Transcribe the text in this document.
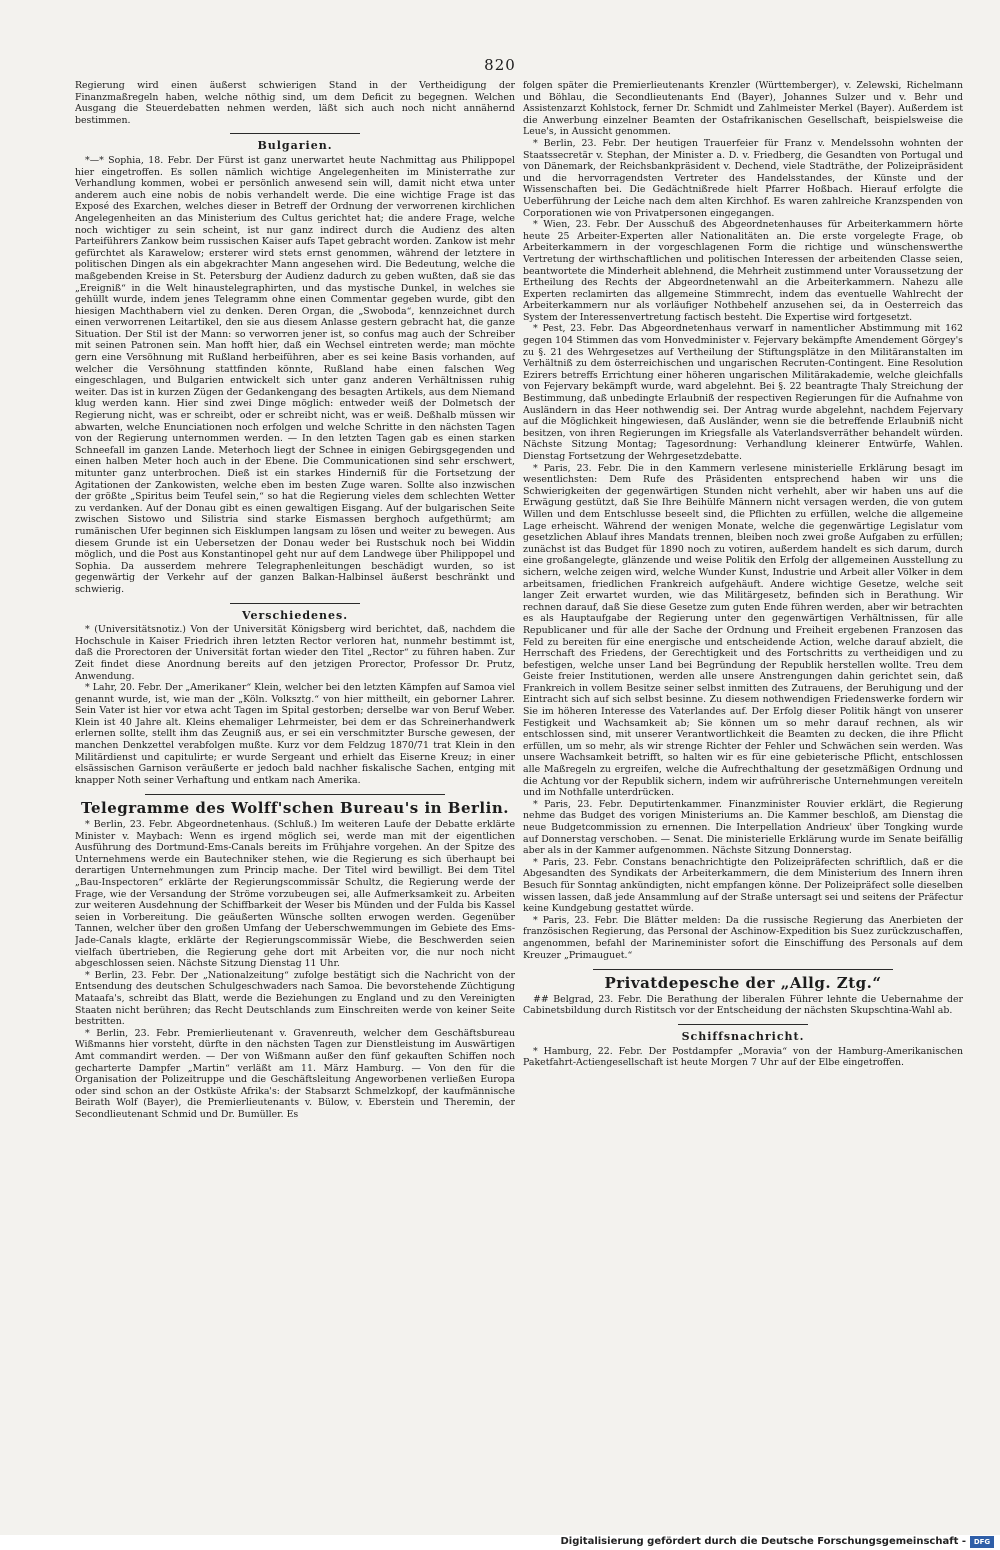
820

Regierung wird einen äußerst schwierigen Stand in der Vertheidigung der Finanzmaßregeln haben, welche nöthig sind, um dem Deficit zu begegnen. Welchen Ausgang die Steuerdebatten nehmen werden, läßt sich auch noch nicht annähernd bestimmen.

Bulgarien.

*—* Sophia, 18. Febr. Der Fürst ist ganz unerwartet heute Nachmittag aus Philippopel hier eingetroffen. Es sollen nämlich wichtige Angelegenheiten im Ministerrathe zur Verhandlung kommen, wobei er persönlich anwesend sein will, damit nicht etwa unter anderem auch eine nobis de nobis verhandelt werde. Die eine wichtige Frage ist das Exposé des Exarchen, welches dieser in Betreff der Ordnung der verworrenen kirchlichen Angelegenheiten an das Ministerium des Cultus gerichtet hat; die andere Frage, welche noch wichtiger zu sein scheint, ist nur ganz indirect durch die Audienz des alten Parteiführers Zankow beim russischen Kaiser aufs Tapet gebracht worden. Zankow ist mehr gefürchtet als Karawelow; ersterer wird stets ernst genommen, während der letztere in politischen Dingen als ein abgekrachter Mann angesehen wird. Die Bedeutung, welche die maßgebenden Kreise in St. Petersburg der Audienz dadurch zu geben wußten, daß sie das „Ereigniß“ in die Welt hinaustelegraphirten, und das mystische Dunkel, in welches sie gehüllt wurde, indem jenes Telegramm ohne einen Commentar gegeben wurde, gibt den hiesigen Machthabern viel zu denken. Deren Organ, die „Swoboda“, kennzeichnet durch einen verworrenen Leitartikel, den sie aus diesem Anlasse gestern gebracht hat, die ganze Situation. Der Stil ist der Mann: so verworren jener ist, so confus mag auch der Schreiber mit seinen Patronen sein. Man hofft hier, daß ein Wechsel eintreten werde; man möchte gern eine Versöhnung mit Rußland herbeiführen, aber es sei keine Basis vorhanden, auf welcher die Versöhnung stattfinden könnte, Rußland habe einen falschen Weg eingeschlagen, und Bulgarien entwickelt sich unter ganz anderen Verhältnissen ruhig weiter. Das ist in kurzen Zügen der Gedankengang des besagten Artikels, aus dem Niemand klug werden kann. Hier sind zwei Dinge möglich: entweder weiß der Dolmetsch der Regierung nicht, was er schreibt, oder er schreibt nicht, was er weiß. Deßhalb müssen wir abwarten, welche Enunciationen noch erfolgen und welche Schritte in den nächsten Tagen von der Regierung unternommen werden. — In den letzten Tagen gab es einen starken Schneefall im ganzen Lande. Meterhoch liegt der Schnee in einigen Gebirgsgegenden und einen halben Meter hoch auch in der Ebene. Die Communicationen sind sehr erschwert, mitunter ganz unterbrochen. Dieß ist ein starkes Hinderniß für die Fortsetzung der Agitationen der Zankowisten, welche eben im besten Zuge waren. Sollte also inzwischen der größte „Spiritus beim Teufel sein,“ so hat die Regierung vieles dem schlechten Wetter zu verdanken. Auf der Donau gibt es einen gewaltigen Eisgang. Auf der bulgarischen Seite zwischen Sistowo und Silistria sind starke Eismassen berghoch aufgethürmt; am rumänischen Ufer beginnen sich Eisklumpen langsam zu lösen und weiter zu bewegen. Aus diesem Grunde ist ein Uebersetzen der Donau weder bei Rustschuk noch bei Widdin möglich, und die Post aus Konstantinopel geht nur auf dem Landwege über Philippopel und Sophia. Da ausserdem mehrere Telegraphenleitungen beschädigt wurden, so ist gegenwärtig der Verkehr auf der ganzen Balkan-Halbinsel äußerst beschränkt und schwierig.

Verschiedenes.

* (Universitätsnotiz.) Von der Universität Königsberg wird berichtet, daß, nachdem die Hochschule in Kaiser Friedrich ihren letzten Rector verloren hat, nunmehr bestimmt ist, daß die Prorectoren der Universität fortan wieder den Titel „Rector“ zu führen haben. Zur Zeit findet diese Anordnung bereits auf den jetzigen Prorector, Professor Dr. Prutz, Anwendung.

* Lahr, 20. Febr. Der „Amerikaner“ Klein, welcher bei den letzten Kämpfen auf Samoa viel genannt wurde, ist, wie man der „Köln. Volksztg.“ von hier mittheilt, ein geborner Lahrer. Sein Vater ist hier vor etwa acht Tagen im Spital gestorben; derselbe war von Beruf Weber. Klein ist 40 Jahre alt. Kleins ehemaliger Lehrmeister, bei dem er das Schreinerhandwerk erlernen sollte, stellt ihm das Zeugniß aus, er sei ein verschmitzter Bursche gewesen, der manchen Denkzettel verabfolgen mußte. Kurz vor dem Feldzug 1870/71 trat Klein in den Militärdienst und capitulirte; er wurde Sergeant und erhielt das Eiserne Kreuz; in einer elsässischen Garnison veräußerte er jedoch bald nachher fiskalische Sachen, entging mit knapper Noth seiner Verhaftung und entkam nach Amerika.

Telegramme des Wolff'schen Bureau's in Berlin.

* Berlin, 23. Febr. Abgeordnetenhaus. (Schluß.) Im weiteren Laufe der Debatte erklärte Minister v. Maybach: Wenn es irgend möglich sei, werde man mit der eigentlichen Ausführung des Dortmund-Ems-Canals bereits im Frühjahre vorgehen. An der Spitze des Unternehmens werde ein Bautechniker stehen, wie die Regierung es sich überhaupt bei derartigen Unternehmungen zum Princip mache. Der Titel wird bewilligt. Bei dem Titel „Bau-Inspectoren“ erklärte der Regierungscommissär Schultz, die Regierung werde der Frage, wie der Versandung der Ströme vorzubeugen sei, alle Aufmerksamkeit zu. Arbeiten zur weiteren Ausdehnung der Schiffbarkeit der Weser bis Münden und der Fulda bis Kassel seien in Vorbereitung. Die geäußerten Wünsche sollten erwogen werden. Gegenüber Tannen, welcher über den großen Umfang der Ueberschwemmungen im Gebiete des Ems-Jade-Canals klagte, erklärte der Regierungscommissär Wiebe, die Beschwerden seien vielfach übertrieben, die Regierung gehe dort mit Arbeiten vor, die nur noch nicht abgeschlossen seien. Nächste Sitzung Dienstag 11 Uhr.

* Berlin, 23. Febr. Der „Nationalzeitung“ zufolge bestätigt sich die Nachricht von der Entsendung des deutschen Schulgeschwaders nach Samoa. Die bevorstehende Züchtigung Mataafa's, schreibt das Blatt, werde die Beziehungen zu England und zu den Vereinigten Staaten nicht berühren; das Recht Deutschlands zum Einschreiten werde von keiner Seite bestritten.

* Berlin, 23. Febr. Premierlieutenant v. Gravenreuth, welcher dem Geschäftsbureau Wißmanns hier vorsteht, dürfte in den nächsten Tagen zur Dienstleistung im Auswärtigen Amt commandirt werden. — Der von Wißmann außer den fünf gekauften Schiffen noch gecharterte Dampfer „Martin“ verläßt am 11. März Hamburg. — Von den für die Organisation der Polizeitruppe und die Geschäftsleitung Angeworbenen verließen Europa oder sind schon an der Ostküste Afrika's: der Stabsarzt Schmelzkopf, der kaufmännische Beirath Wolf (Bayer), die Premierlieutenants v. Bülow, v. Eberstein und Theremin, der Secondlieutenant Schmid und Dr. Bumüller. Es

folgen später die Premierlieutenants Krenzler (Württemberger), v. Zelewski, Richelmann und Böhlau, die Secondlieutenants End (Bayer), Johannes Sulzer und v. Behr und Assistenzarzt Kohlstock, ferner Dr. Schmidt und Zahlmeister Merkel (Bayer). Außerdem ist die Anwerbung einzelner Beamten der Ostafrikanischen Gesellschaft, beispielsweise die Leue's, in Aussicht genommen.

* Berlin, 23. Febr. Der heutigen Trauerfeier für Franz v. Mendelssohn wohnten der Staatssecretär v. Stephan, der Minister a. D. v. Friedberg, die Gesandten von Portugal und von Dänemark, der Reichsbankpräsident v. Dechend, viele Stadträthe, der Polizeipräsident und die hervorragendsten Vertreter des Handelsstandes, der Künste und der Wissenschaften bei. Die Gedächtnißrede hielt Pfarrer Hoßbach. Hierauf erfolgte die Ueberführung der Leiche nach dem alten Kirchhof. Es waren zahlreiche Kranzspenden von Corporationen wie von Privatpersonen eingegangen.

* Wien, 23. Febr. Der Ausschuß des Abgeordnetenhauses für Arbeiterkammern hörte heute 25 Arbeiter-Experten aller Nationalitäten an. Die erste vorgelegte Frage, ob Arbeiterkammern in der vorgeschlagenen Form die richtige und wünschenswerthe Vertretung der wirthschaftlichen und politischen Interessen der arbeitenden Classe seien, beantwortete die Minderheit ablehnend, die Mehrheit zustimmend unter Voraussetzung der Ertheilung des Rechts der Abgeordnetenwahl an die Arbeiterkammern. Nahezu alle Experten reclamirten das allgemeine Stimmrecht, indem das eventuelle Wahlrecht der Arbeiterkammern nur als vorläufiger Nothbehelf anzusehen sei, da in Oesterreich das System der Interessenvertretung factisch besteht. Die Expertise wird fortgesetzt.

* Pest, 23. Febr. Das Abgeordnetenhaus verwarf in namentlicher Abstimmung mit 162 gegen 104 Stimmen das vom Honvedminister v. Fejervary bekämpfte Amendement Görgey's zu §. 21 des Wehrgesetzes auf Vertheilung der Stiftungsplätze in den Militäranstalten im Verhältniß zu dem österreichischen und ungarischen Recruten-Contingent. Eine Resolution Ezirers betreffs Errichtung einer höheren ungarischen Militärakademie, welche gleichfalls von Fejervary bekämpft wurde, ward abgelehnt. Bei §. 22 beantragte Thaly Streichung der Bestimmung, daß unbedingte Erlaubniß der respectiven Regierungen für die Aufnahme von Ausländern in das Heer nothwendig sei. Der Antrag wurde abgelehnt, nachdem Fejervary auf die Möglichkeit hingewiesen, daß Ausländer, wenn sie die betreffende Erlaubniß nicht besitzen, von ihren Regierungen im Kriegsfalle als Vaterlandsverräther behandelt würden. Nächste Sitzung Montag; Tagesordnung: Verhandlung kleinerer Entwürfe, Wahlen. Dienstag Fortsetzung der Wehrgesetzdebatte.

* Paris, 23. Febr. Die in den Kammern verlesene ministerielle Erklärung besagt im wesentlichsten: Dem Rufe des Präsidenten entsprechend haben wir uns die Schwierigkeiten der gegenwärtigen Stunden nicht verhehlt, aber wir haben uns auf die Erwägung gestützt, daß Sie Ihre Beihülfe Männern nicht versagen werden, die von gutem Willen und dem Entschlusse beseelt sind, die Pflichten zu erfüllen, welche die allgemeine Lage erheischt. Während der wenigen Monate, welche die gegenwärtige Legislatur vom gesetzlichen Ablauf ihres Mandats trennen, bleiben noch zwei große Aufgaben zu erfüllen; zunächst ist das Budget für 1890 noch zu votiren, außerdem handelt es sich darum, durch eine großangelegte, glänzende und weise Politik den Erfolg der allgemeinen Ausstellung zu sichern, welche zeigen wird, welche Wunder Kunst, Industrie und Arbeit aller Völker in dem arbeitsamen, friedlichen Frankreich aufgehäuft. Andere wichtige Gesetze, welche seit langer Zeit erwartet wurden, wie das Militärgesetz, befinden sich in Berathung. Wir rechnen darauf, daß Sie diese Gesetze zum guten Ende führen werden, aber wir betrachten es als Hauptaufgabe der Regierung unter den gegenwärtigen Verhältnissen, für alle Republicaner und für alle der Sache der Ordnung und Freiheit ergebenen Franzosen das Feld zu bereiten für eine energische und entscheidende Action, welche darauf abzielt, die Herrschaft des Friedens, der Gerechtigkeit und des Fortschritts zu vertheidigen und zu befestigen, welche unser Land bei Begründung der Republik herstellen wollte. Treu dem Geiste freier Institutionen, werden alle unsere Anstrengungen dahin gerichtet sein, daß Frankreich in vollem Besitze seiner selbst inmitten des Zutrauens, der Beruhigung und der Eintracht sich auf sich selbst besinne. Zu diesem nothwendigen Friedenswerke fordern wir Sie im höheren Interesse des Vaterlandes auf. Der Erfolg dieser Politik hängt von unserer Festigkeit und Wachsamkeit ab; Sie können um so mehr darauf rechnen, als wir entschlossen sind, mit unserer Verantwortlichkeit die Beamten zu decken, die ihre Pflicht erfüllen, um so mehr, als wir strenge Richter der Fehler und Schwächen sein werden. Was unsere Wachsamkeit betrifft, so halten wir es für eine gebieterische Pflicht, entschlossen alle Maßregeln zu ergreifen, welche die Aufrechthaltung der gesetzmäßigen Ordnung und die Achtung vor der Republik sichern, indem wir aufrührerische Unternehmungen vereiteln und im Nothfalle unterdrücken.

* Paris, 23. Febr. Deputirtenkammer. Finanzminister Rouvier erklärt, die Regierung nehme das Budget des vorigen Ministeriums an. Die Kammer beschloß, am Dienstag die neue Budgetcommission zu ernennen. Die Interpellation Andrieux' über Tongking wurde auf Donnerstag verschoben. — Senat. Die ministerielle Erklärung wurde im Senate beifällig aber als in der Kammer aufgenommen. Nächste Sitzung Donnerstag.

* Paris, 23. Febr. Constans benachrichtigte den Polizeipräfecten schriftlich, daß er die Abgesandten des Syndikats der Arbeiterkammern, die dem Ministerium des Innern ihren Besuch für Sonntag ankündigten, nicht empfangen könne. Der Polizeipräfect solle dieselben wissen lassen, daß jede Ansammlung auf der Straße untersagt sei und seitens der Präfectur keine Kundgebung gestattet würde.

* Paris, 23. Febr. Die Blätter melden: Da die russische Regierung das Anerbieten der französischen Regierung, das Personal der Aschinow-Expedition bis Suez zurückzuschaffen, angenommen, befahl der Marineminister sofort die Einschiffung des Personals auf dem Kreuzer „Primauguet.“

Privatdepesche der „Allg. Ztg.“

## Belgrad, 23. Febr. Die Berathung der liberalen Führer lehnte die Uebernahme der Cabinetsbildung durch Ristitsch vor der Entscheidung der nächsten Skupschtina-Wahl ab.

Schiffsnachricht.

* Hamburg, 22. Febr. Der Postdampfer „Moravia“ von der Hamburg-Amerikanischen Paketfahrt-Actiengesellschaft ist heute Morgen 7 Uhr auf der Elbe eingetroffen.

Digitalisierung gefördert durch die Deutsche Forschungsgemeinschaft -	DFG
